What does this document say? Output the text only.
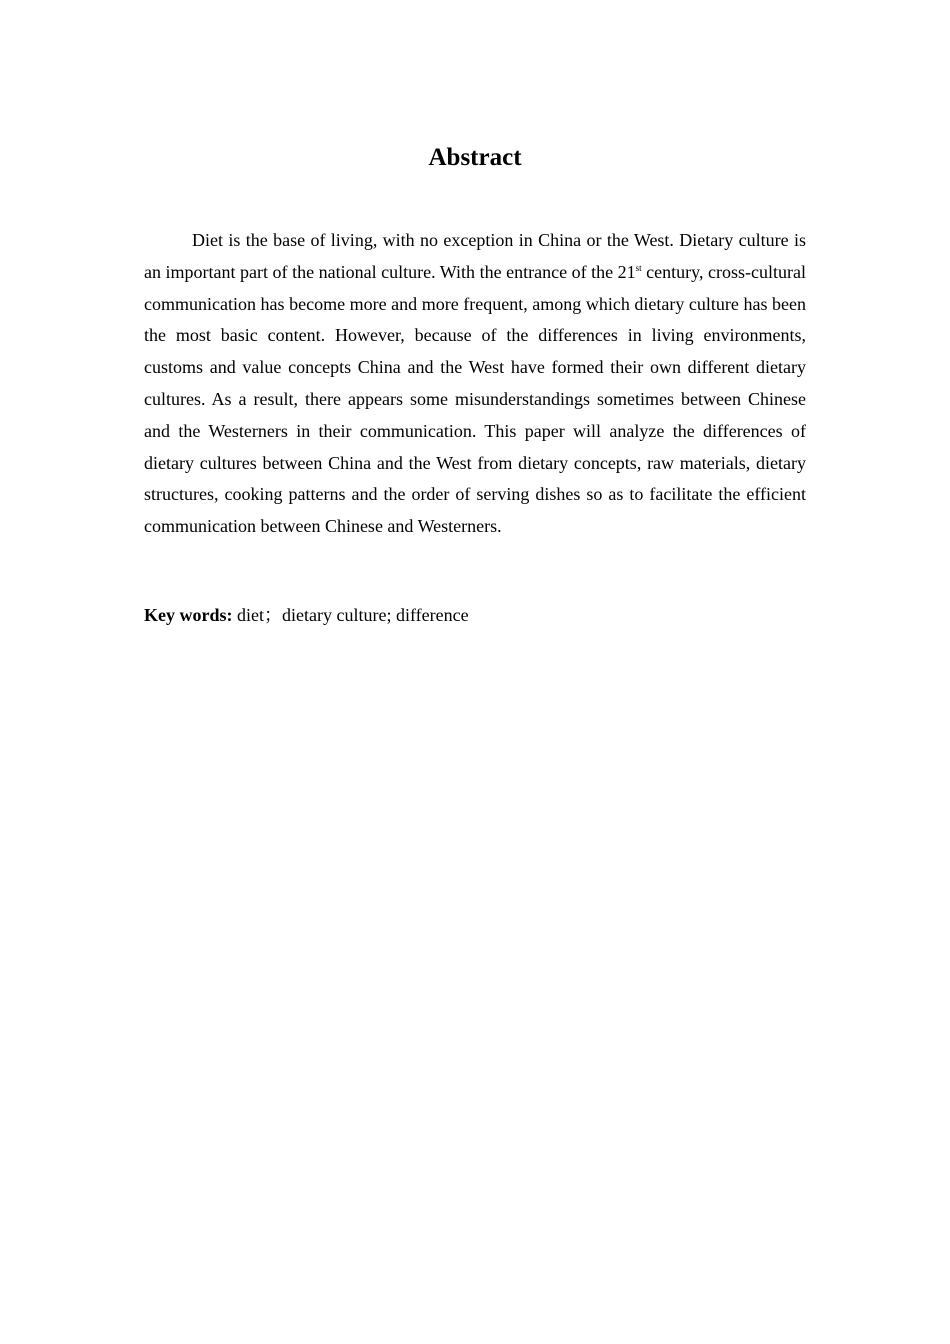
Abstract

Diet is the base of living, with no exception in China or the West. Dietary culture is an important part of the national culture. With the entrance of the 21st century, cross-cultural communication has become more and more frequent, among which dietary culture has been the most basic content. However, because of the differences in living environments, customs and value concepts China and the West have formed their own different dietary cultures. As a result, there appears some misunderstandings sometimes between Chinese and the Westerners in their communication. This paper will analyze the differences of dietary cultures between China and the West from dietary concepts, raw materials, dietary structures, cooking patterns and the order of serving dishes so as to facilitate the efficient communication between Chinese and Westerners.

Key words: diet；dietary culture; difference
